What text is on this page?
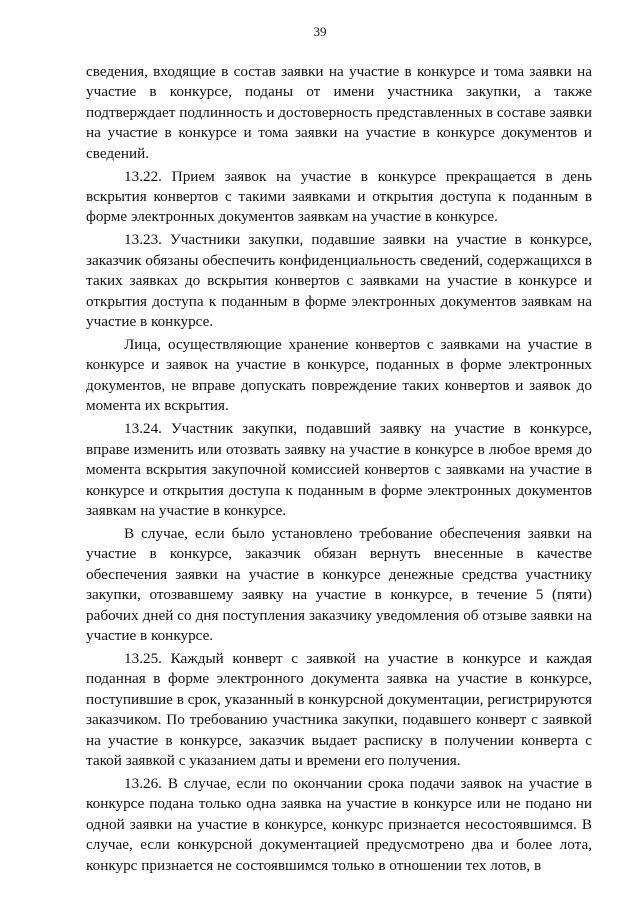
39

сведения, входящие в состав заявки на участие в конкурсе и тома заявки на участие в конкурсе, поданы от имени участника закупки, а также подтверждает подлинность и достоверность представленных в составе заявки на участие в конкурсе и тома заявки на участие в конкурсе документов и сведений.

13.22. Прием заявок на участие в конкурсе прекращается в день вскрытия конвертов с такими заявками и открытия доступа к поданным в форме электронных документов заявкам на участие в конкурсе.

13.23. Участники закупки, подавшие заявки на участие в конкурсе, заказчик обязаны обеспечить конфиденциальность сведений, содержащихся в таких заявках до вскрытия конвертов с заявками на участие в конкурсе и открытия доступа к поданным в форме электронных документов заявкам на участие в конкурсе.

Лица, осуществляющие хранение конвертов с заявками на участие в конкурсе и заявок на участие в конкурсе, поданных в форме электронных документов, не вправе допускать повреждение таких конвертов и заявок до момента их вскрытия.

13.24. Участник закупки, подавший заявку на участие в конкурсе, вправе изменить или отозвать заявку на участие в конкурсе в любое время до момента вскрытия закупочной комиссией конвертов с заявками на участие в конкурсе и открытия доступа к поданным в форме электронных документов заявкам на участие в конкурсе.

В случае, если было установлено требование обеспечения заявки на участие в конкурсе, заказчик обязан вернуть внесенные в качестве обеспечения заявки на участие в конкурсе денежные средства участнику закупки, отозвавшему заявку на участие в конкурсе, в течение 5 (пяти) рабочих дней со дня поступления заказчику уведомления об отзыве заявки на участие в конкурсе.

13.25. Каждый конверт с заявкой на участие в конкурсе и каждая поданная в форме электронного документа заявка на участие в конкурсе, поступившие в срок, указанный в конкурсной документации, регистрируются заказчиком. По требованию участника закупки, подавшего конверт с заявкой на участие в конкурсе, заказчик выдает расписку в получении конверта с такой заявкой с указанием даты и времени его получения.

13.26. В случае, если по окончании срока подачи заявок на участие в конкурсе подана только одна заявка на участие в конкурсе или не подано ни одной заявки на участие в конкурсе, конкурс признается несостоявшимся. В случае, если конкурсной документацией предусмотрено два и более лота, конкурс признается не состоявшимся только в отношении тех лотов, в
